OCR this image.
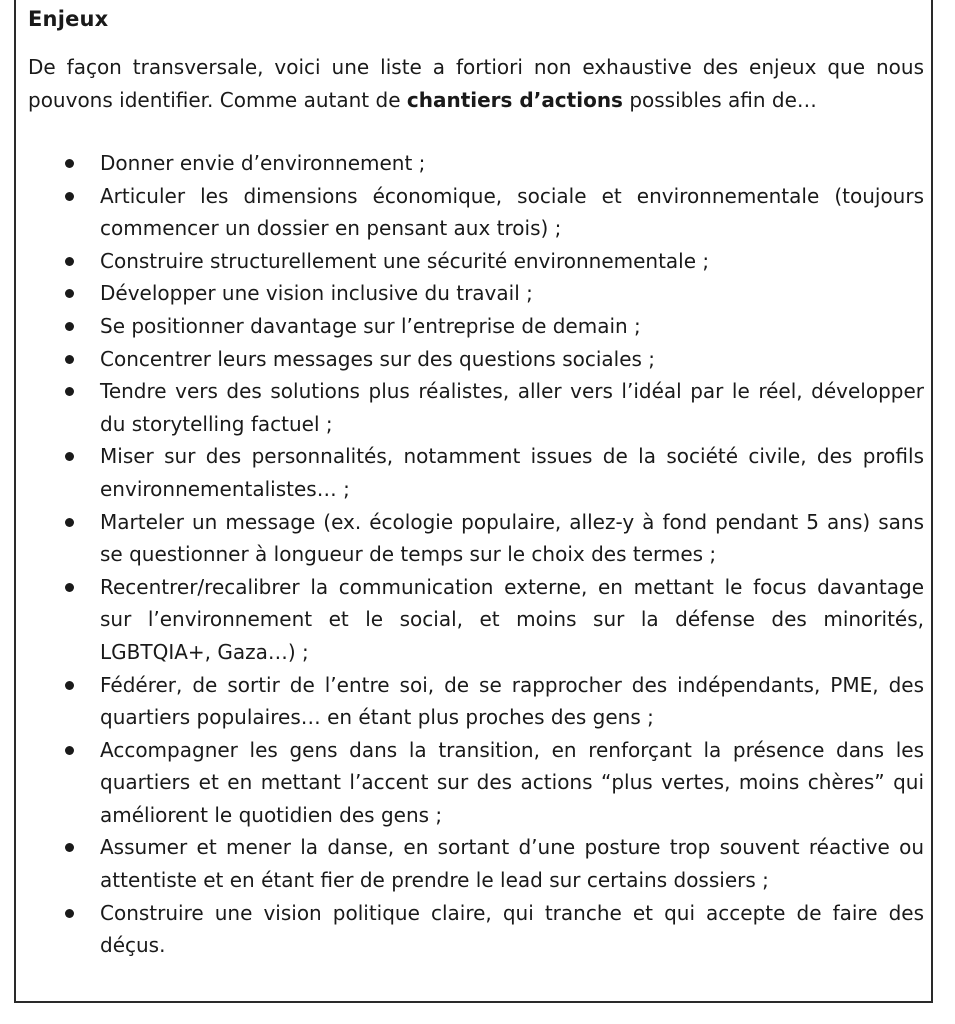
Enjeux

De façon transversale, voici une liste a fortiori non exhaustive des enjeux que nous pouvons identifier. Comme autant de chantiers d’actions possibles afin de…

Donner envie d’environnement ;
Articuler les dimensions économique, sociale et environnementale (toujours commencer un dossier en pensant aux trois) ;
Construire structurellement une sécurité environnementale ;
Développer une vision inclusive du travail ;
Se positionner davantage sur l’entreprise de demain ;
Concentrer leurs messages sur des questions sociales ;
Tendre vers des solutions plus réalistes, aller vers l’idéal par le réel, développer du storytelling factuel ;
Miser sur des personnalités, notamment issues de la société civile, des profils environnementalistes… ;
Marteler un message (ex. écologie populaire, allez-y à fond pendant 5 ans) sans se questionner à longueur de temps sur le choix des termes ;
Recentrer/recalibrer la communication externe, en mettant le focus davantage sur l’environnement et le social, et moins sur la défense des minorités, LGBTQIA+, Gaza…) ;
Fédérer, de sortir de l’entre soi, de se rapprocher des indépendants, PME, des quartiers populaires… en étant plus proches des gens ;
Accompagner les gens dans la transition, en renforçant la présence dans les quartiers et en mettant l’accent sur des actions “plus vertes, moins chères” qui améliorent le quotidien des gens ;
Assumer et mener la danse, en sortant d’une posture trop souvent réactive ou attentiste et en étant fier de prendre le lead sur certains dossiers ;
Construire une vision politique claire, qui tranche et qui accepte de faire des déçus.
